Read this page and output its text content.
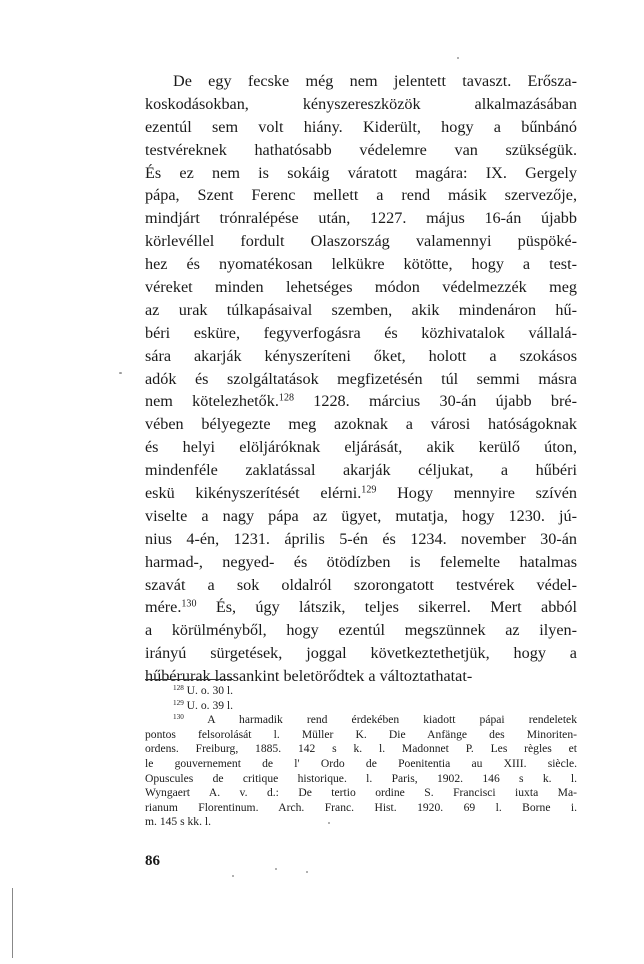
De egy fecske még nem jelentett tavaszt. Erősza-
koskodásokban, kényszereszközök alkalmazásában
ezentúl sem volt hiány. Kiderült, hogy a bűnbánó
testvéreknek hathatósabb védelemre van szükségük.
És ez nem is sokáig váratott magára: IX. Gergely
pápa, Szent Ferenc mellett a rend másik szervezője,
mindjárt trónralépése után, 1227. május 16-án újabb
körlevéllel fordult Olaszország valamennyi püspöké-
hez és nyomatékosan lelkükre kötötte, hogy a test-
véreket minden lehetséges módon védelmezzék meg
az urak túlkapásaival szemben, akik mindenáron hű-
béri esküre, fegyverfogásra és közhivatalok vállalá-
sára akarják kényszeríteni őket, holott a szokásos
adók és szolgáltatások megfizetésén túl semmi másra
nem kötelezhetők.$^{128}$ 1228. március 30-án újabb bré-
vében bélyegezte meg azoknak a városi hatóságoknak
és helyi elöljáróknak eljárását, akik kerülő úton,
mindenféle zaklatással akarják céljukat, a hűbéri
eskü kikényszerítését elérni.$^{129}$ Hogy mennyire szívén
viselte a nagy pápa az ügyet, mutatja, hogy 1230. jú-
nius 4-én, 1231. április 5-én és 1234. november 30-án
harmad-, negyed- és ötödízben is felemelte hatalmas
szavát a sok oldalról szorongatott testvérek védel-
mére.$^{130}$ És, úgy látszik, teljes sikerrel. Mert abból
a körülményből, hogy ezentúl megszünnek az ilyen-
irányú sürgetések, joggal következtethetjük, hogy a
hűbérurak lassankint beletörődtek a változtathatat-
$^{128}$ U. o. 30 l.
$^{129}$ U. o. 39 l.
$^{130}$ A harmadik rend érdekében kiadott pápai rendeletek
pontos felsorolását l. Müller K. Die Anfänge des Minoriten-
ordens. Freiburg, 1885. 142 s k. l. Madonnet P. Les règles et
le gouvernement de l' Ordo de Poenitentia au XIII. siècle.
Opuscules de critique historique. l. Paris, 1902. 146 s k. l.
Wyngaert A. v. d.: De tertio ordine S. Francisci iuxta Ma-
rianum Florentinum. Arch. Franc. Hist. 1920. 69 l. Borne i.
m. 145 s kk. l.
86
